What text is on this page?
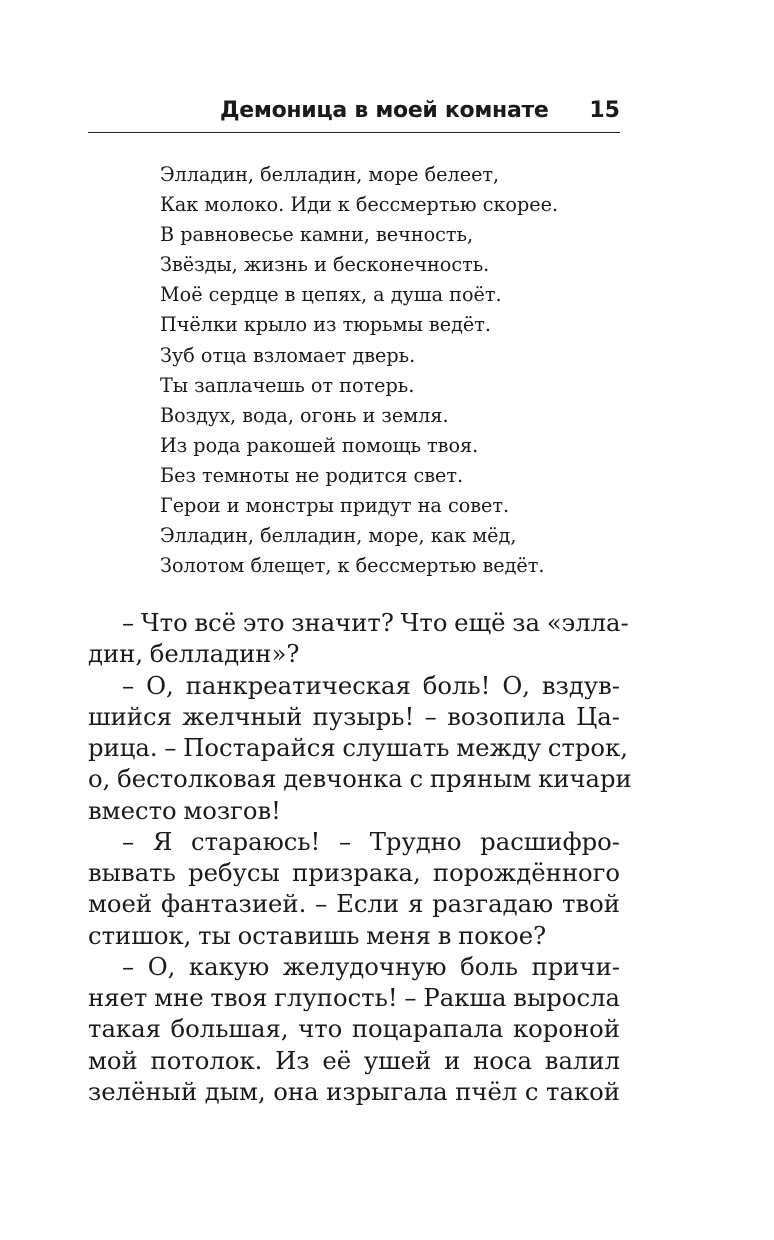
Демоница в моей комнате 15
Элладин, белладин, море белеет,
Как молоко. Иди к бессмертью скорее.
В равновесье камни, вечность,
Звёзды, жизнь и бесконечность.
Моё сердце в цепях, а душа поёт.
Пчёлки крыло из тюрьмы ведёт.
Зуб отца взломает дверь.
Ты заплачешь от потерь.
Воздух, вода, огонь и земля.
Из рода ракошей помощь твоя.
Без темноты не родится свет.
Герои и монстры придут на совет.
Элладин, белладин, море, как мёд,
Золотом блещет, к бессмертью ведёт.
– Что всё это значит? Что ещё за «элла-
дин, белладин»?
– О, панкреатическая боль! О, вздув-
шийся желчный пузырь! – возопила Ца-
рица. – Постарайся слушать между строк,
о, бестолковая девчонка с пряным кичари
вместо мозгов!
– Я стараюсь! – Трудно расшифро-
вывать ребусы призрака, порождённого
моей фантазией. – Если я разгадаю твой
стишок, ты оставишь меня в покое?
– О, какую желудочную боль причи-
няет мне твоя глупость! – Ракша выросла
такая большая, что поцарапала короной
мой потолок. Из её ушей и носа валил
зелёный дым, она изрыгала пчёл с такой
